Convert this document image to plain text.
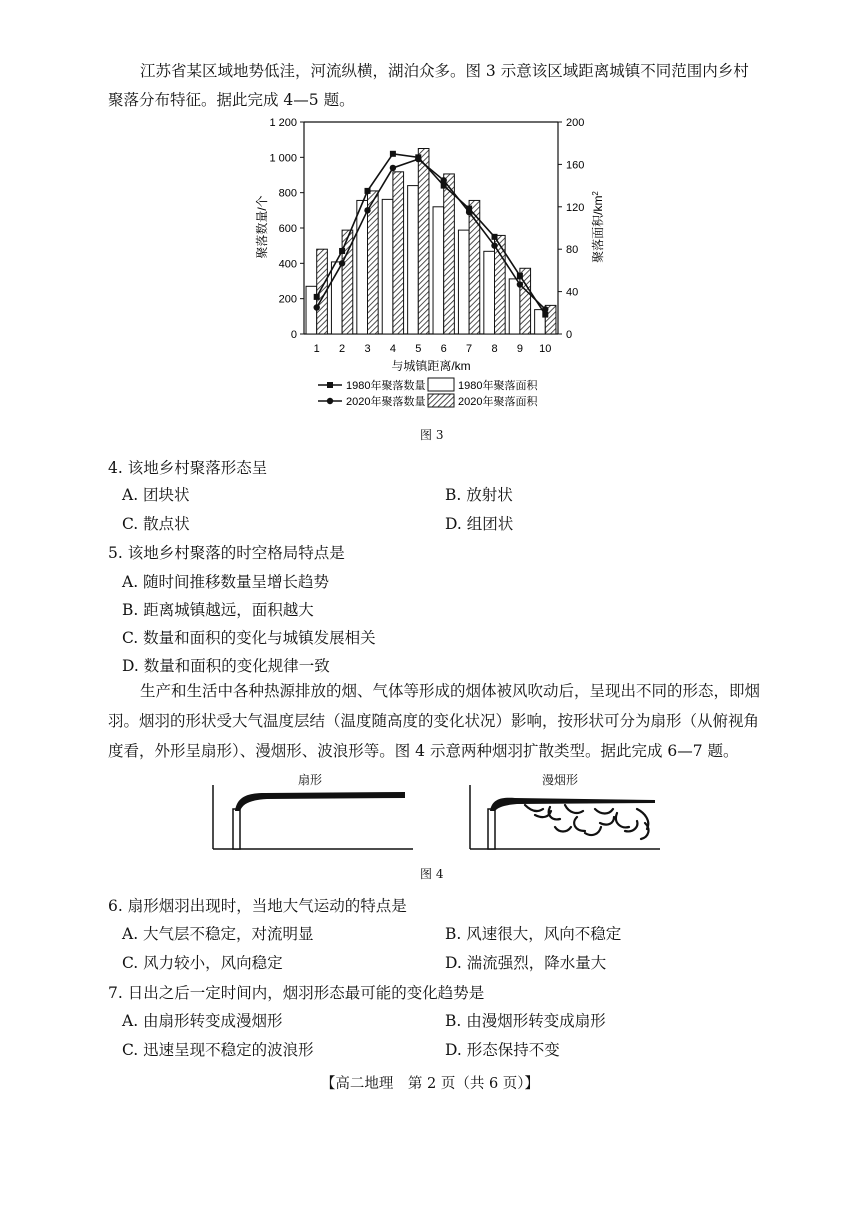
江苏省某区域地势低洼，河流纵横，湖泊众多。图 3 示意该区域距离城镇不同范围内乡村
聚落分布特征。据此完成 4—5 题。
0
200
400
600
800
1 000
1 200
0
40
80
120
160
200
1 2 3 4 5 6 7 8 9 10
聚落数量/个	聚落面积$/km^2$
与城镇距离/km
1980年聚落数量
2020年聚落数量
1980年聚落面积
2020年聚落面积
图 3
4. 该地乡村聚落形态呈
A. 团块状	B. 放射状
C. 散点状	D. 组团状
5. 该地乡村聚落的时空格局特点是
A. 随时间推移数量呈增长趋势
B. 距离城镇越远，面积越大
C. 数量和面积的变化与城镇发展相关
D. 数量和面积的变化规律一致
生产和生活中各种热源排放的烟、气体等形成的烟体被风吹动后，呈现出不同的形态，即烟
羽。烟羽的形状受大气温度层结（温度随高度的变化状况）影响，按形状可分为扇形（从俯视角
度看，外形呈扇形）、漫烟形、波浪形等。图 4 示意两种烟羽扩散类型。据此完成 6—7 题。
扇形	漫烟形
图 4
6. 扇形烟羽出现时，当地大气运动的特点是
A. 大气层不稳定，对流明显	B. 风速很大，风向不稳定
C. 风力较小，风向稳定	D. 湍流强烈，降水量大
7. 日出之后一定时间内，烟羽形态最可能的变化趋势是
A. 由扇形转变成漫烟形	B. 由漫烟形转变成扇形
C. 迅速呈现不稳定的波浪形	D. 形态保持不变
【高二地理　第 2 页（共 6 页）】
